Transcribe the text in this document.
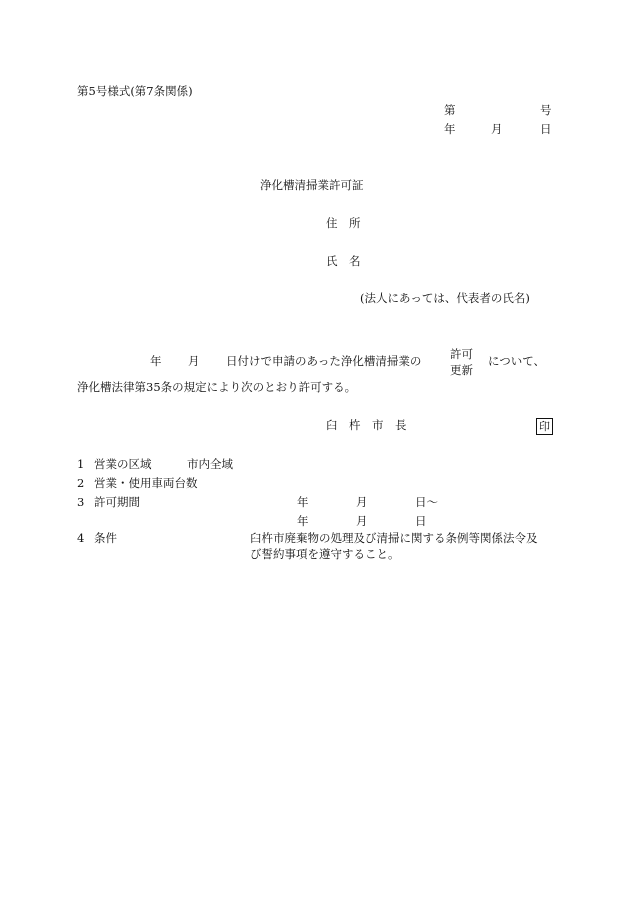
第5号様式(第7条関係)
第	号
年	月	日
浄化槽清掃業許可証
住　所
氏　名
(法人にあっては、代表者の氏名)
年 月 日付けで申請のあった浄化槽清掃業の 許可
更新
について、
浄化槽法律第35条の規定により次のとおり許可する。
臼　杵　市　長	印
1 営業の区域	市内全域
2 営業・使用車両台数
3 許可期間	年	月	日〜
年	月	日
4 条件	臼杵市廃棄物の処理及び清掃に関する条例等関係法令及
び誓約事項を遵守すること。
